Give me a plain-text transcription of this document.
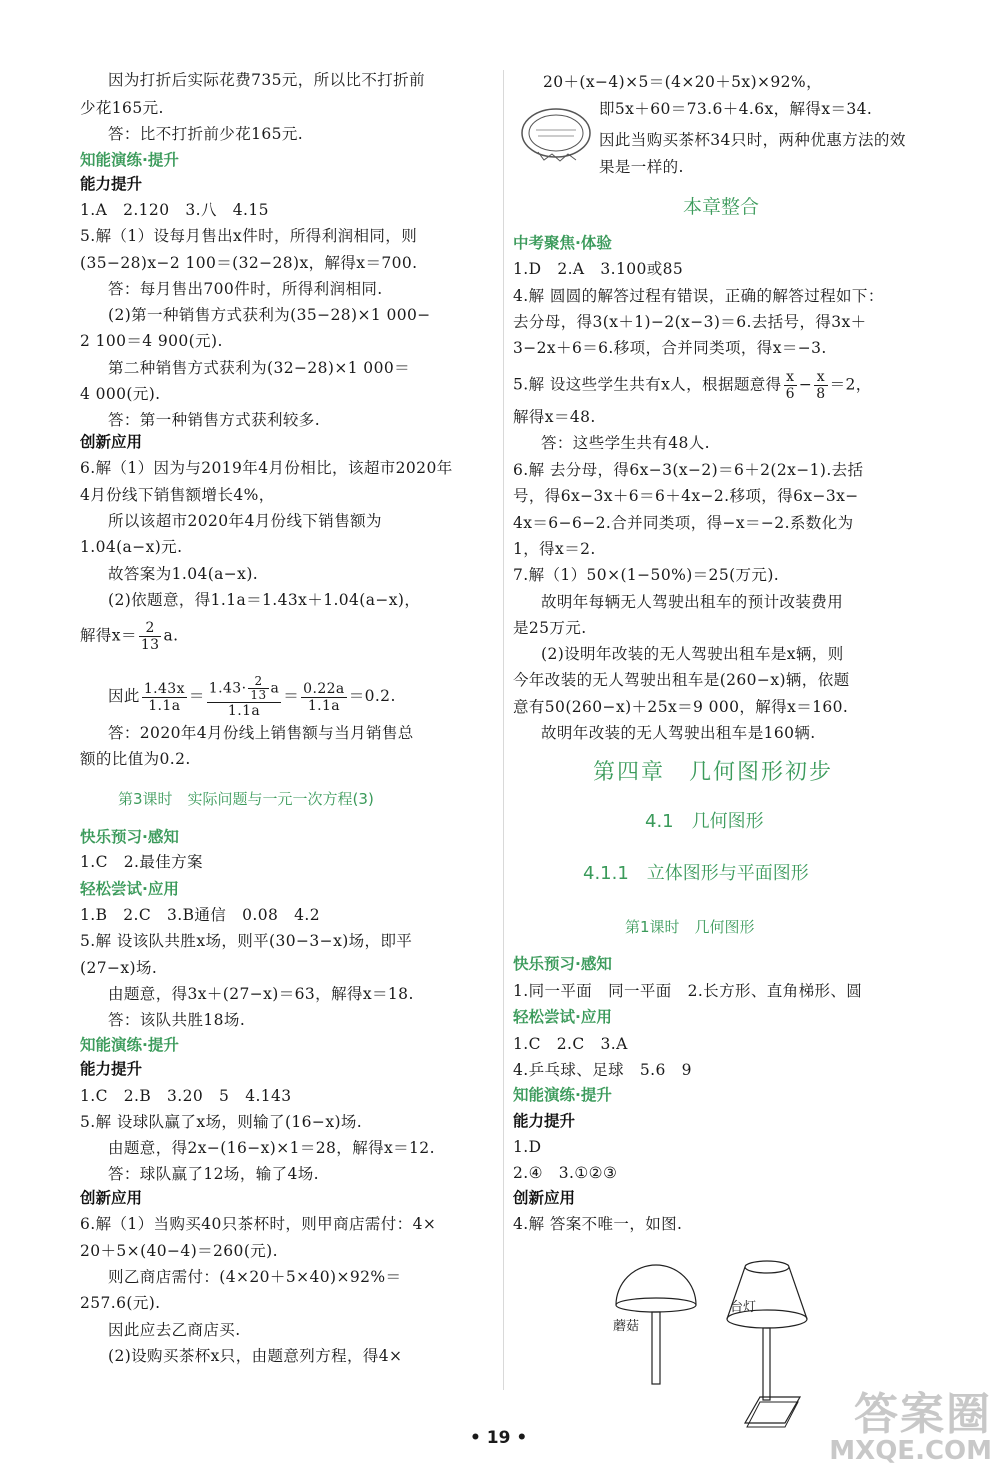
因为打折后实际花费735元，所以比不打折前
少花165元.
答：比不打折前少花165元.
知能演练·提升
能力提升
1.A　2.120　3.八　4.15
5.解（1）设每月售出x件时，所得利润相同，则
(35−28)x−2 100＝(32−28)x，解得x＝700.
答：每月售出700件时，所得利润相同.
(2)第一种销售方式获利为(35−28)×1 000−
2 100＝4 900(元).
第二种销售方式获利为(32−28)×1 000＝
4 000(元).
答：第一种销售方式获利较多.
创新应用
6.解（1）因为与2019年4月份相比，该超市2020年
4月份线下销售额增长4%，
所以该超市2020年4月份线下销售额为
1.04(a−x)元.
故答案为1.04(a−x).
(2)依题意，得1.1a＝1.43x＋1.04(a−x)，
解得$x= \frac{2}{13} a$.
因此 $\frac{1.43x}{1.1a} = \frac{1.43\cdot \frac{2}{13} a}{1.1a} = \frac{0.22a}{1.1a} =0.2$.
答：2020年4月份线上销售额与当月销售总
额的比值为0.2.
第3课时　实际问题与一元一次方程(3)
快乐预习·感知
1.C　2.最佳方案
轻松尝试·应用
1.B　2.C　3.B通信　0.08　4.2
5.解 设该队共胜x场，则平(30−3−x)场，即平
(27−x)场.
由题意，得3x＋(27−x)＝63，解得x＝18.
答：该队共胜18场.
知能演练·提升
能力提升
1.C　2.B　3.20　5　4.143
5.解 设球队赢了x场，则输了(16−x)场.
由题意，得2x−(16−x)×1＝28，解得x＝12.
答：球队赢了12场，输了4场.
创新应用
6.解（1）当购买40只茶杯时，则甲商店需付：4×
20＋5×(40−4)＝260(元).
则乙商店需付：(4×20＋5×40)×92%＝
257.6(元).
因此应去乙商店买.
(2)设购买茶杯x只，由题意列方程，得4×
20＋(x−4)×5＝(4×20＋5x)×92%，
即5x＋60＝73.6＋4.6x，解得x＝34.
因此当购买茶杯34只时，两种优惠方法的效
果是一样的.
本章整合
中考聚焦·体验
1.D　2.A　3.100或85
4.解 圆圆的解答过程有错误，正确的解答过程如下：
去分母，得3(x＋1)−2(x−3)＝6.去括号，得3x＋
3−2x＋6＝6.移项，合并同类项，得x＝−3.
5.解 设这些学生共有x人，根据题意得 $\frac{x}{6} - \frac{x}{8} =2$，
解得x＝48.
答：这些学生共有48人.
6.解 去分母，得6x−3(x−2)＝6＋2(2x−1).去括
号，得6x−3x＋6＝6＋4x−2.移项，得6x−3x−
4x＝6−6−2.合并同类项，得−x＝−2.系数化为
1，得x＝2.
7.解（1）50×(1−50%)＝25(万元).
故明年每辆无人驾驶出租车的预计改装费用
是25万元.
(2)设明年改装的无人驾驶出租车是x辆，则
今年改装的无人驾驶出租车是(260−x)辆，依题
意有50(260−x)＋25x＝9 000，解得x＝160.
故明年改装的无人驾驶出租车是160辆.
第四章　几何图形初步
4.1　几何图形
4.1.1　立体图形与平面图形
第1课时　几何图形
快乐预习·感知
1.同一平面　同一平面　2.长方形、直角梯形、圆
轻松尝试·应用
1.C　2.C　3.A
4.乒乓球、足球　5.6　9
知能演练·提升
能力提升
1.D
2.④　3.①②③
创新应用
4.解 答案不唯一，如图.
蘑菇
台灯
• 19 •	答案圈
MXQE.COM
